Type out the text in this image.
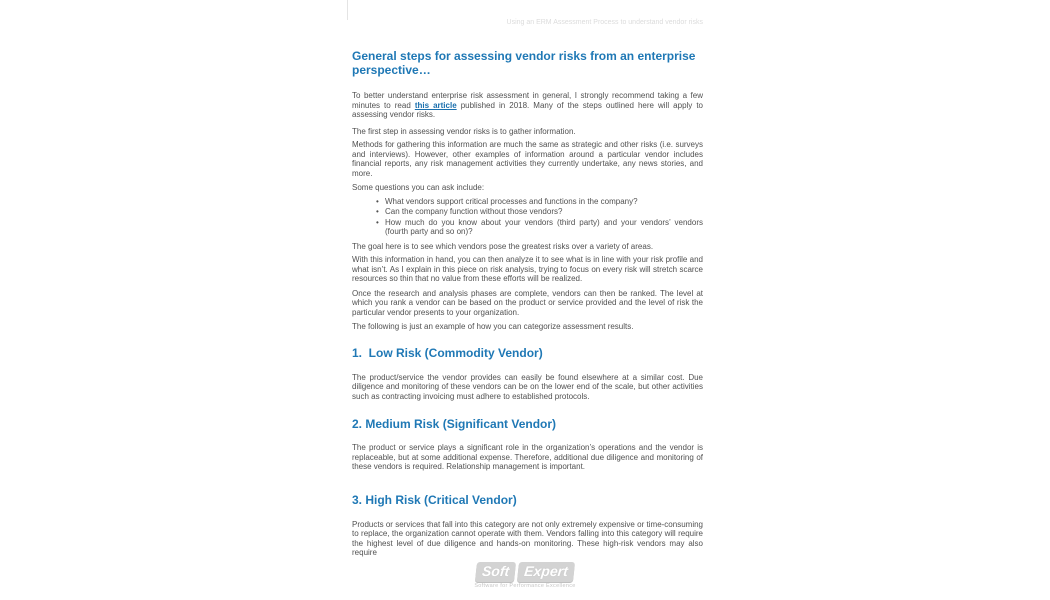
Using an ERM Assessment Process to understand vendor risks
General steps for assessing vendor risks from an enterprise perspective…

To better understand enterprise risk assessment in general, I strongly recommend taking a few minutes to read this article published in 2018. Many of the steps outlined here will apply to assessing vendor risks.

The first step in assessing vendor risks is to gather information.

Methods for gathering this information are much the same as strategic and other risks (i.e. surveys and interviews). However, other examples of information around a particular vendor includes financial reports, any risk management activities they currently undertake, any news stories, and more.

Some questions you can ask include:

• What vendors support critical processes and functions in the company?
• Can the company function without those vendors?
• How much do you know about your vendors (third party) and your vendors’ vendors (fourth party and so on)?

The goal here is to see which vendors pose the greatest risks over a variety of areas.

With this information in hand, you can then analyze it to see what is in line with your risk profile and what isn’t. As I explain in this piece on risk analysis, trying to focus on every risk will stretch scarce resources so thin that no value from these efforts will be realized.

Once the research and analysis phases are complete, vendors can then be ranked. The level at which you rank a vendor can be based on the product or service provided and the level of risk the particular vendor presents to your organization.

The following is just an example of how you can categorize assessment results.

1.  Low Risk (Commodity Vendor)

The product/service the vendor provides can easily be found elsewhere at a similar cost. Due diligence and monitoring of these vendors can be on the lower end of the scale, but other activities such as contracting invoicing must adhere to established protocols.

2. Medium Risk (Significant Vendor)

The product or service plays a significant role in the organization’s operations and the vendor is replaceable, but at some additional expense. Therefore, additional due diligence and monitoring of these vendors is required. Relationship management is important.

3. High Risk (Critical Vendor)

Products or services that fall into this category are not only extremely expensive or time-consuming to replace, the organization cannot operate with them. Vendors falling into this category will require the highest level of due diligence and hands-on monitoring. These high-risk vendors may also require

Soft Expert
Software for Performance Excellence
